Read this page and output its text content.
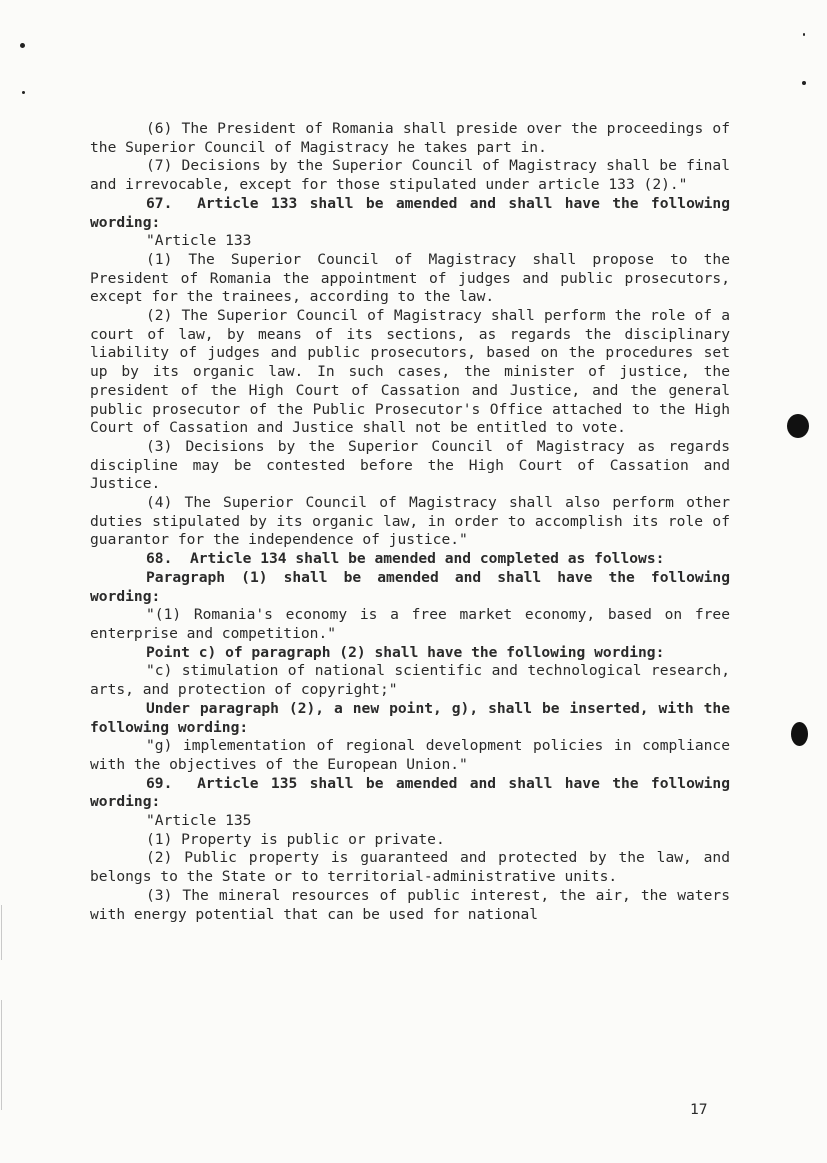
(6) The President of Romania shall preside over the proceedings of the Superior Council of Magistracy he takes part in.

(7) Decisions by the Superior Council of Magistracy shall be final and irrevocable, except for those stipulated under article 133 (2)."

67. Article 133 shall be amended and shall have the following wording:

"Article 133

(1) The Superior Council of Magistracy shall propose to the President of Romania the appointment of judges and public prosecutors, except for the trainees, according to the law.

(2) The Superior Council of Magistracy shall perform the role of a court of law, by means of its sections, as regards the disciplinary liability of judges and public prosecutors, based on the procedures set up by its organic law. In such cases, the minister of justice, the president of the High Court of Cassation and Justice, and the general public prosecutor of the Public Prosecutor's Office attached to the High Court of Cassation and Justice shall not be entitled to vote.

(3) Decisions by the Superior Council of Magistracy as regards discipline may be contested before the High Court of Cassation and Justice.

(4) The Superior Council of Magistracy shall also perform other duties stipulated by its organic law, in order to accomplish its role of guarantor for the independence of justice."

68. Article 134 shall be amended and completed as follows:

Paragraph (1) shall be amended and shall have the following wording:

"(1) Romania's economy is a free market economy, based on free enterprise and competition."

Point c) of paragraph (2) shall have the following wording:

"c) stimulation of national scientific and technological research, arts, and protection of copyright;"

Under paragraph (2), a new point, g), shall be inserted, with the following wording:

"g) implementation of regional development policies in compliance with the objectives of the European Union."

69. Article 135 shall be amended and shall have the following wording:

"Article 135

(1) Property is public or private.

(2) Public property is guaranteed and protected by the law, and belongs to the State or to territorial-administrative units.

(3) The mineral resources of public interest, the air, the waters with energy potential that can be used for national

17
